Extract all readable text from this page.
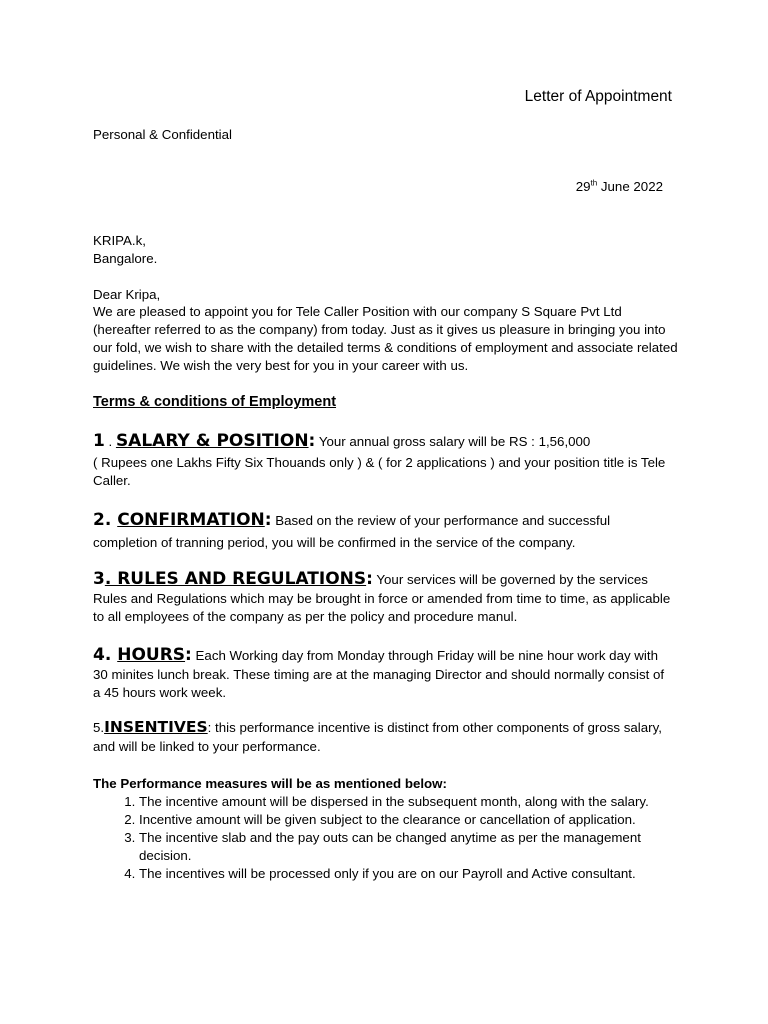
Letter of Appointment
Personal & Confidential
29th June 2022
KRIPA.k,
Bangalore.
Dear Kripa,
We are pleased to appoint you for Tele Caller Position with our company S Square Pvt Ltd (hereafter referred to as the company) from today. Just as it gives us pleasure in bringing you into our fold, we wish to share with the detailed terms & conditions of employment and associate related guidelines. We wish the very best for you in your career with us.
Terms & conditions of Employment
1 . SALARY & POSITION: Your annual gross salary will be RS : 1,56,000
( Rupees one Lakhs Fifty Six Thouands only ) & ( for 2 applications ) and your position title is Tele Caller.
2. CONFIRMATION: Based on the review of your performance and successful completion of tranning period, you will be confirmed in the service of the company.
3. RULES AND REGULATIONS: Your services will be governed by the services Rules and Regulations which may be brought in force or amended from time to time, as applicable to all employees of the company as per the policy and procedure manul.
4. HOURS: Each Working day from Monday through Friday will be nine hour work day with 30 minites lunch break. These timing are at the managing Director and should normally consist of a 45 hours work week.
5.INSENTIVES: this performance incentive is distinct from other components of gross salary, and will be linked to your performance.
The Performance measures will be as mentioned below:
1. The incentive amount will be dispersed in the subsequent month, along with the salary.
2. Incentive amount will be given subject to the clearance or cancellation of application.
3. The incentive slab and the pay outs can be changed anytime as per the management decision.
4. The incentives will be processed only if you are on our Payroll and Active consultant.
